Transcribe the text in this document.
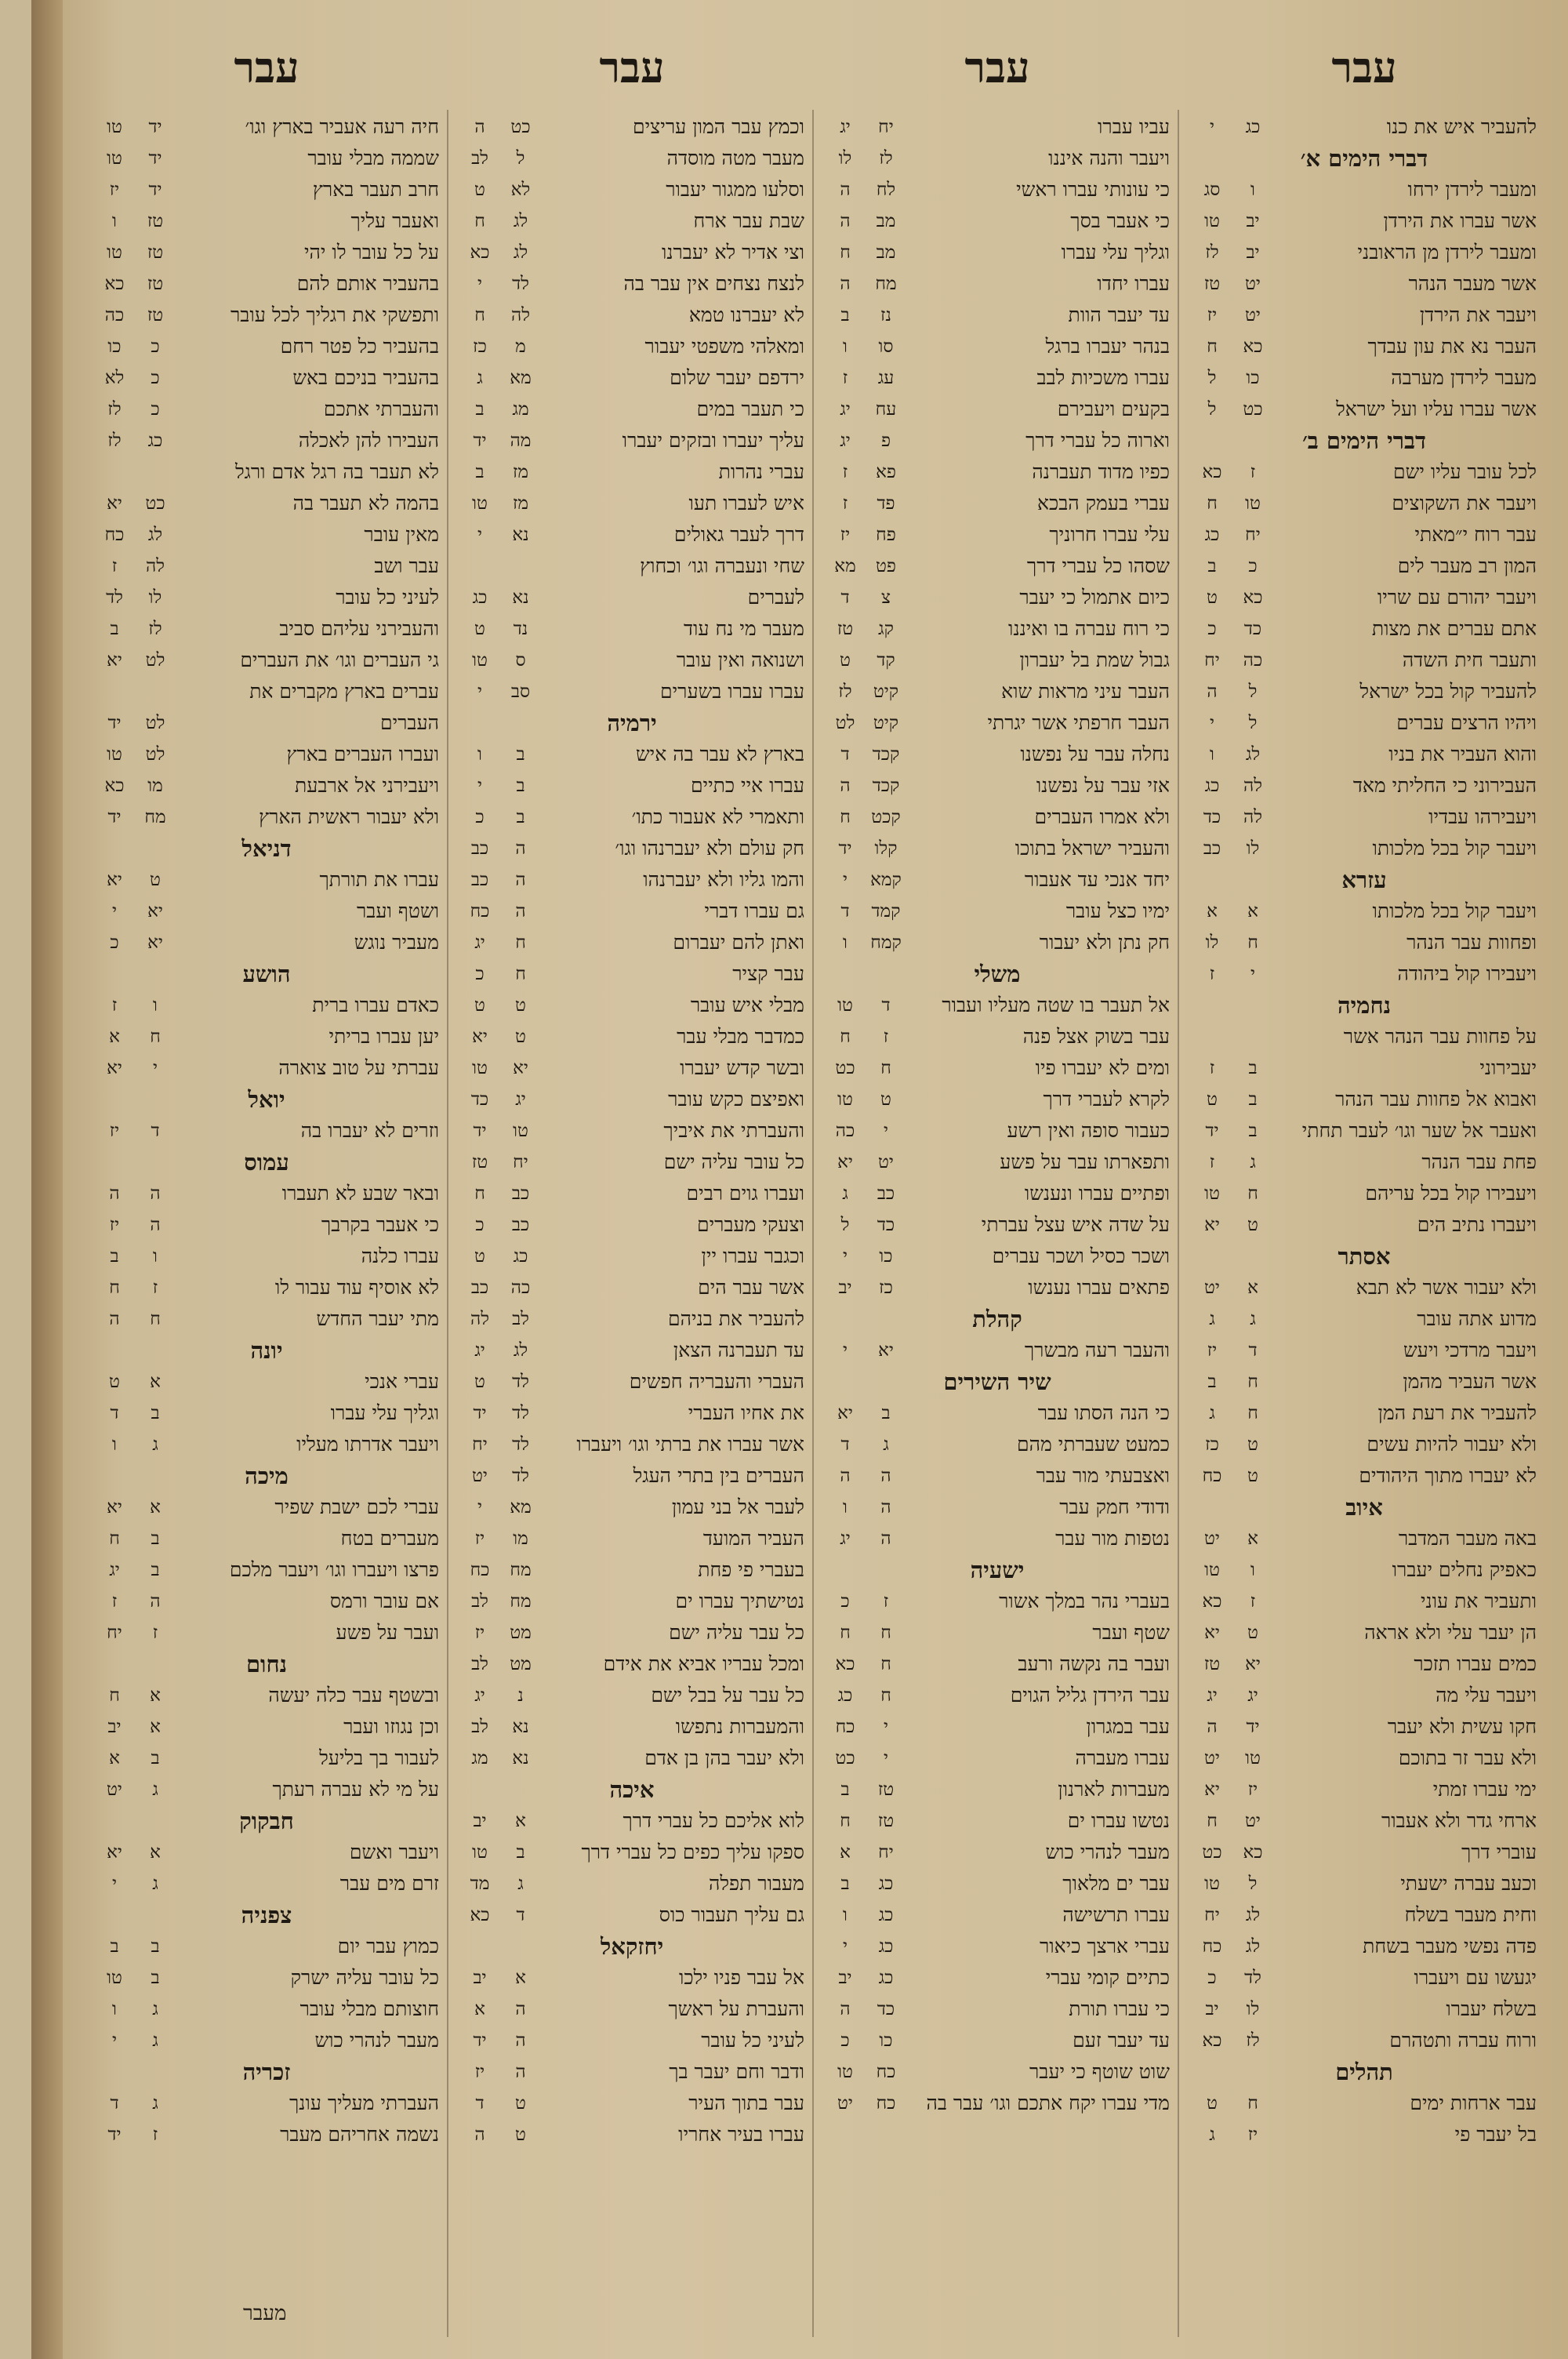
עבר
להעביר איש את כנו
כג
י
דברי הימים א׳
ומעבר לירדן ירחו
ו
סג
אשר עברו את הירדן
יב
טו
ומעבר לירדן מן הראובני
יב
לז
אשר מעבר הנהר
יט
טז
ויעבר את הירדן
יט
יז
העבר נא את עון עבדך
כא
ח
מעבר לירדן מערבה
כו
ל
אשר עברו עליו ועל ישראל
כט
ל
דברי הימים ב׳
לכל עובר עליו ישם
ז
כא
ויעבר את השקוצים
טו
ח
עבר רוח י״מאתי
יח
כג
המון רב מעבר לים
כ
ב
ויעבר יהורם עם שריו
כא
ט
אתם עברים את מצות
כד
כ
ותעבר חית השדה
כה
יח
להעביר קול בכל ישראל
ל
ה
ויהיו הרצים עברים
ל
י
והוא העביר את בניו
לג
ו
העבירוני כי החליתי מאד
לה
כג
ויעבירהו עבדיו
לה
כד
ויעבר קול בכל מלכותו
לו
כב
עזרא
ויעבר קול בכל מלכותו
א
א
ופחוות עבר הנהר
ח
לו
ויעבירו קול ביהודה
י
ז
נחמיה
על פחוות עבר הנהר אשר
יעבירוני
ב
ז
ואבוא אל פחוות עבר הנהר
ב
ט
ואעבר אל שער וגו׳ לעבר תחתי
ב
יד
פחת עבר הנהר
ג
ז
ויעבירו קול בכל עריהם
ח
טו
ויעברו נתיב הים
ט
יא
אסתר
ולא יעבור אשר לא תבא
א
יט
מדוע אתה עובר
ג
ג
ויעבר מרדכי ויעש
ד
יז
אשר העביר מהמן
ח
ב
להעביר את רעת המן
ח
ג
ולא יעבור להיות עשים
ט
כז
לא יעברו מתוך היהודים
ט
כח
איוב
באה מעבר המדבר
א
יט
כאפיק נחלים יעברו
ו
טו
ותעביר את עוני
ז
כא
הן יעבר עלי ולא אראה
ט
יא
כמים עברו תזכר
יא
טז
ויעבר עלי מה
יג
יג
חקו עשית ולא יעבר
יד
ה
ולא עבר זר בתוכם
טו
יט
ימי עברו זמתי
יז
יא
ארחי גדר ולא אעבור
יט
ח
עוברי דרך
כא
כט
וכעב עברה ישעתי
ל
טו
וחית מעבר בשלח
לג
יח
פדה נפשי מעבר בשחת
לג
כח
יגעשו עם ויעברו
לד
כ
בשלח יעברו
לו
יב
ורוח עברה ותטהרם
לז
כא
תהלים
עבר ארחות ימים
ח
ט
בל יעבר פי
יז
ג
עבר
עביו עברו
יח
יג
ויעבר והנה איננו
לז
לו
כי עונותי עברו ראשי
לח
ה
כי אעבר בסך
מב
ה
וגליך עלי עברו
מב
ח
עברו יחדו
מח
ה
עד יעבר הוות
נז
ב
בנהר יעברו ברגל
סו
ו
עברו משכיות לבב
עג
ז
בקעים ויעבירם
עח
יג
וארוה כל עברי דרך
פ
יג
כפיו מדוד תעברנה
פא
ז
עברי בעמק הבכא
פד
ז
עלי עברו חרוניך
פח
יז
שסהו כל עברי דרך
פט
מא
כיום אתמול כי יעבר
צ
ד
כי רוח עברה בו ואיננו
קג
טז
גבול שמת בל יעברון
קד
ט
העבר עיני מראות שוא
קיט
לז
העבר חרפתי אשר יגרתי
קיט
לט
נחלה עבר על נפשנו
קכד
ד
אזי עבר על נפשנו
קכד
ה
ולא אמרו העברים
קכט
ח
והעביר ישראל בתוכו
קלו
יד
יחד אנכי עד אעבור
קמא
י
ימיו כצל עובר
קמד
ד
חק נתן ולא יעבור
קמח
ו
משלי
אל תעבר בו שטה מעליו ועבור
ד
טו
עבר בשוק אצל פנה
ז
ח
ומים לא יעברו פיו
ח
כט
לקרא לעברי דרך
ט
טו
כעבור סופה ואין רשע
י
כה
ותפארתו עבר על פשע
יט
יא
ופתיים עברו ונענשו
כב
ג
על שדה איש עצל עברתי
כד
ל
ושכר כסיל ושכר עברים
כו
י
פתאים עברו נענשו
כז
יב
קהלת
והעבר רעה מבשרך
יא
י
שיר השירים
כי הנה הסתו עבר
ב
יא
כמעט שעברתי מהם
ג
ד
ואצבעתי מור עבר
ה
ה
ודודי חמק עבר
ה
ו
נטפות מור עבר
ה
יג
ישעיה
בעברי נהר במלך אשור
ז
כ
שטף ועבר
ח
ח
ועבר בה נקשה ורעב
ח
כא
עבר הירדן גליל הגוים
ח
כג
עבר במגרון
י
כח
עברו מעברה
י
כט
מעברות לארנון
טז
ב
נטשו עברו ים
טז
ח
מעבר לנהרי כוש
יח
א
עבר ים מלאוך
כג
ב
עברו תרשישה
כג
ו
עברי ארצך כיאור
כג
י
כתיים קומי עברי
כג
יב
כי עברו תורת
כד
ה
עד יעבר זעם
כו
כ
שוט שוטף כי יעבר
כח
טו
מדי עברו יקח אתכם וגו׳ עבר בה
כח
יט
עבר
וכמץ עבר המון עריצים
כט
ה
מעבר מטה מוסדה
ל
לב
וסלעו ממגור יעבור
לא
ט
שבת עבר ארח
לג
ח
וצי אדיר לא יעברנו
לג
כא
לנצח נצחים אין עבר בה
לד
י
לא יעברנו טמא
לה
ח
ומאלהי משפטי יעבור
מ
כז
ירדפם יעבר שלום
מא
ג
כי תעבר במים
מג
ב
עליך יעברו ובזקים יעברו
מה
יד
עברי נהרות
מז
ב
איש לעברו תעו
מז
טו
דרך לעבר גאולים
נא
י
שחי ונעברה וגו׳ וכחוץ
לעברים
נא
כג
מעבר מי נח עוד
נד
ט
ושנואה ואין עובר
ס
טו
עברו עברו בשערים
סב
י
ירמיה
בארץ לא עבר בה איש
ב
ו
עברו איי כתיים
ב
י
ותאמרי לא אעבור כתו׳
ב
כ
חק עולם ולא יעברנהו וגו׳
ה
כב
והמו גליו ולא יעברנהו
ה
כב
גם עברו דברי
ה
כח
ואתן להם יעברום
ח
יג
עבר קציר
ח
כ
מבלי איש עובר
ט
ט
כמדבר מבלי עבר
ט
יא
ובשר קדש יעברו
יא
טו
ואפיצם כקש עובר
יג
כד
והעברתי את איביך
טו
יד
כל עובר עליה ישם
יח
טז
ועברו גוים רבים
כב
ח
וצעקי מעברים
כב
כ
וכגבר עברו יין
כג
ט
אשר עבר הים
כה
כב
להעביר את בניהם
לב
לה
עד תעברנה הצאן
לג
יג
העברי והעבריה חפשים
לד
ט
את אחיו העברי
לד
יד
אשר עברו את ברתי וגו׳ ויעברו
לד
יח
העברים בין בתרי העגל
לד
יט
לעבר אל בני עמון
מא
י
העביר המועד
מו
יז
בעברי פי פחת
מח
כח
נטישתיך עברו ים
מח
לב
כל עבר עליה ישם
מט
יז
ומכל עבריו אביא את אידם
מט
לב
כל עבר על בבל ישם
נ
יג
והמעברות נתפשו
נא
לב
ולא יעבר בהן בן אדם
נא
מג
איכה
לוא אליכם כל עברי דרך
א
יב
ספקו עליך כפים כל עברי דרך
ב
טו
מעבור תפלה
ג
מד
גם עליך תעבור כוס
ד
כא
יחזקאל
אל עבר פניו ילכו
א
יב
והעברת על ראשך
ה
א
לעיני כל עובר
ה
יד
ודבר וחם יעבר בך
ה
יז
עבר בתוך העיר
ט
ד
עברו בעיר אחריו
ט
ה
עבר
חיה רעה אעביר בארץ וגו׳
יד
טו
שממה מבלי עובר
יד
טו
חרב תעבר בארץ
יד
יז
ואעבר עליך
טז
ו
על כל עובר לו יהי
טז
טו
בהעביר אותם להם
טז
כא
ותפשקי את רגליך לכל עובר
טז
כה
בהעביר כל פטר רחם
כ
כו
בהעביר בניכם באש
כ
לא
והעברתי אתכם
כ
לז
העבירו להן לאכלה
כג
לז
לא תעבר בה רגל אדם ורגל
בהמה לא תעבר בה
כט
יא
מאין עובר
לג
כח
עבר ושב
לה
ז
לעיני כל עובר
לו
לד
והעבירני עליהם סביב
לז
ב
גי העברים וגו׳ את העברים
לט
יא
עברים בארץ מקברים את
העברים
לט
יד
ועברו העברים בארץ
לט
טו
ויעבירני אל ארבעת
מו
כא
ולא יעבור ראשית הארץ
מח
יד
דניאל
עברו את תורתך
ט
יא
ושטף ועבר
יא
י
מעביר נוגש
יא
כ
הושע
כאדם עברו ברית
ו
ז
יען עברו בריתי
ח
א
עברתי על טוב צוארה
י
יא
יואל
וזרים לא יעברו בה
ד
יז
עמוס
ובאר שבע לא תעברו
ה
ה
כי אעבר בקרבך
ה
יז
עברו כלנה
ו
ב
לא אוסיף עוד עבור לו
ז
ח
מתי יעבר החדש
ח
ה
יונה
עברי אנכי
א
ט
וגליך עלי עברו
ב
ד
ויעבר אדרתו מעליו
ג
ו
מיכה
עברי לכם ישבת שפיר
א
יא
מעברים בטח
ב
ח
פרצו ויעברו וגו׳ ויעבר מלכם
ב
יג
אם עובר ורמס
ה
ז
ועבר על פשע
ז
יח
נחום
ובשטף עבר כלה יעשה
א
ח
וכן נגוזו ועבר
א
יב
לעבור בך בליעל
ב
א
על מי לא עברה רעתך
ג
יט
חבקוק
ויעבר ואשם
א
יא
זרם מים עבר
ג
י
צפניה
כמוץ עבר יום
ב
ב
כל עובר עליה ישרק
ב
טו
חוצותם מבלי עובר
ג
ו
מעבר לנהרי כוש
ג
י
זכריה
העברתי מעליך עונך
ג
ד
נשמה אחריהם מעבר
ז
יד
מעבר
